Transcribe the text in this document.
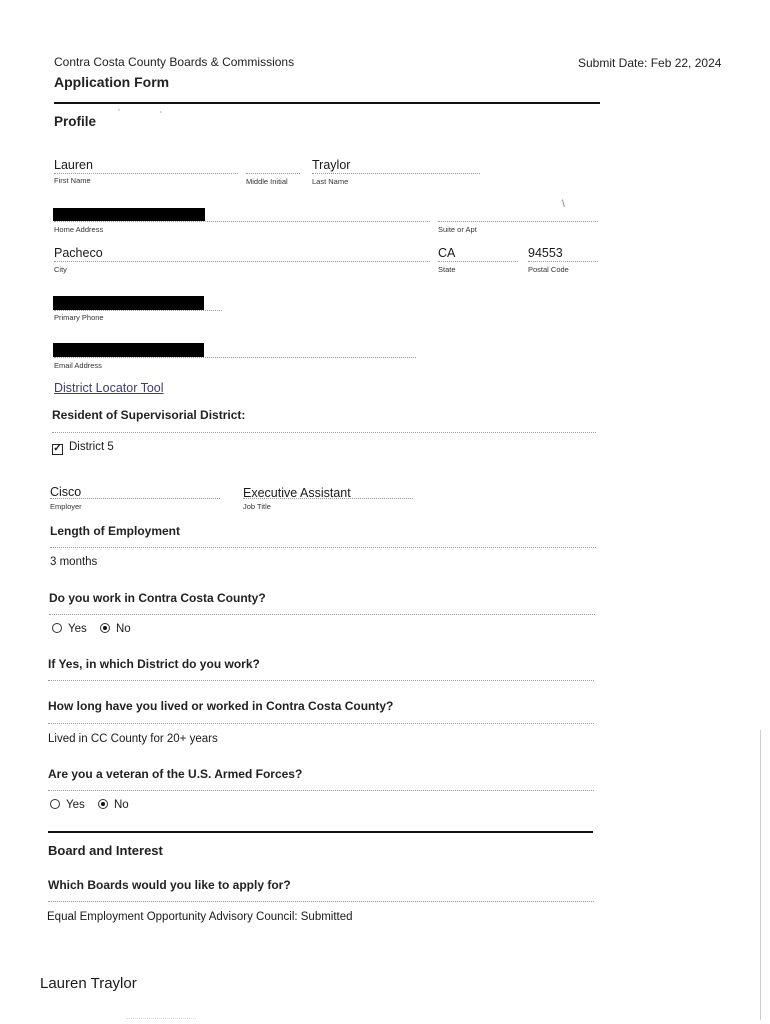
Contra Costa County Boards & Commissions	Submit Date: Feb 22, 2024
Application Form
Profile
’	‘
Lauren
First Name	Middle Initial
Traylor
Last Name
Home Address
\
Suite or Apt
Pacheco
City
CA
State
94553
Postal Code
Primary Phone
Email Address
District Locator Tool
Resident of Supervisorial District:
✓ District 5
Cisco
Employer
Executive Assistant
Job Title
Length of Employment
3 months
Do you work in Contra Costa County?
Yes	No
If Yes, in which District do you work?
How long have you lived or worked in Contra Costa County?
Lived in CC County for 20+ years
Are you a veteran of the U.S. Armed Forces?
Yes	No
Board and Interest
Which Boards would you like to apply for?
Equal Employment Opportunity Advisory Council: Submitted
Lauren Traylor
